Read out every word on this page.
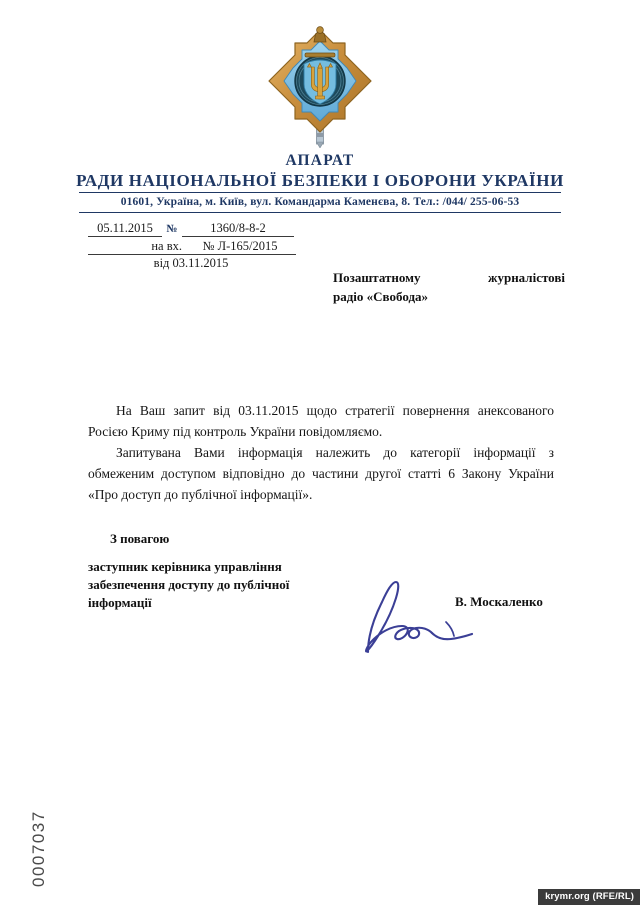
АПАРАТ
РАДИ НАЦІОНАЛЬНОЇ БЕЗПЕКИ І ОБОРОНИ УКРАЇНИ
01601, Україна, м. Київ, вул. Командарма Каменєва, 8. Тел.: /044/ 255-06-53
05.11.2015	№	1360/8-8-2
на вх.	№ Л-165/2015
від 03.11.2015
Позаштатному журналістові
радіо «Свобода»

На Ваш запит від 03.11.2015 щодо стратегії повернення анексованого Росією Криму під контроль України повідомляємо.

Запитувана Вами інформація належить до категорії інформації з обмеженим доступом відповідно до частини другої статті 6 Закону України «Про доступ до публічної інформації».

З повагою
заступник керівника управління
забезпечення доступу до публічної
інформації	В. Москаленко
0007037
krymr.org (RFE/RL)
